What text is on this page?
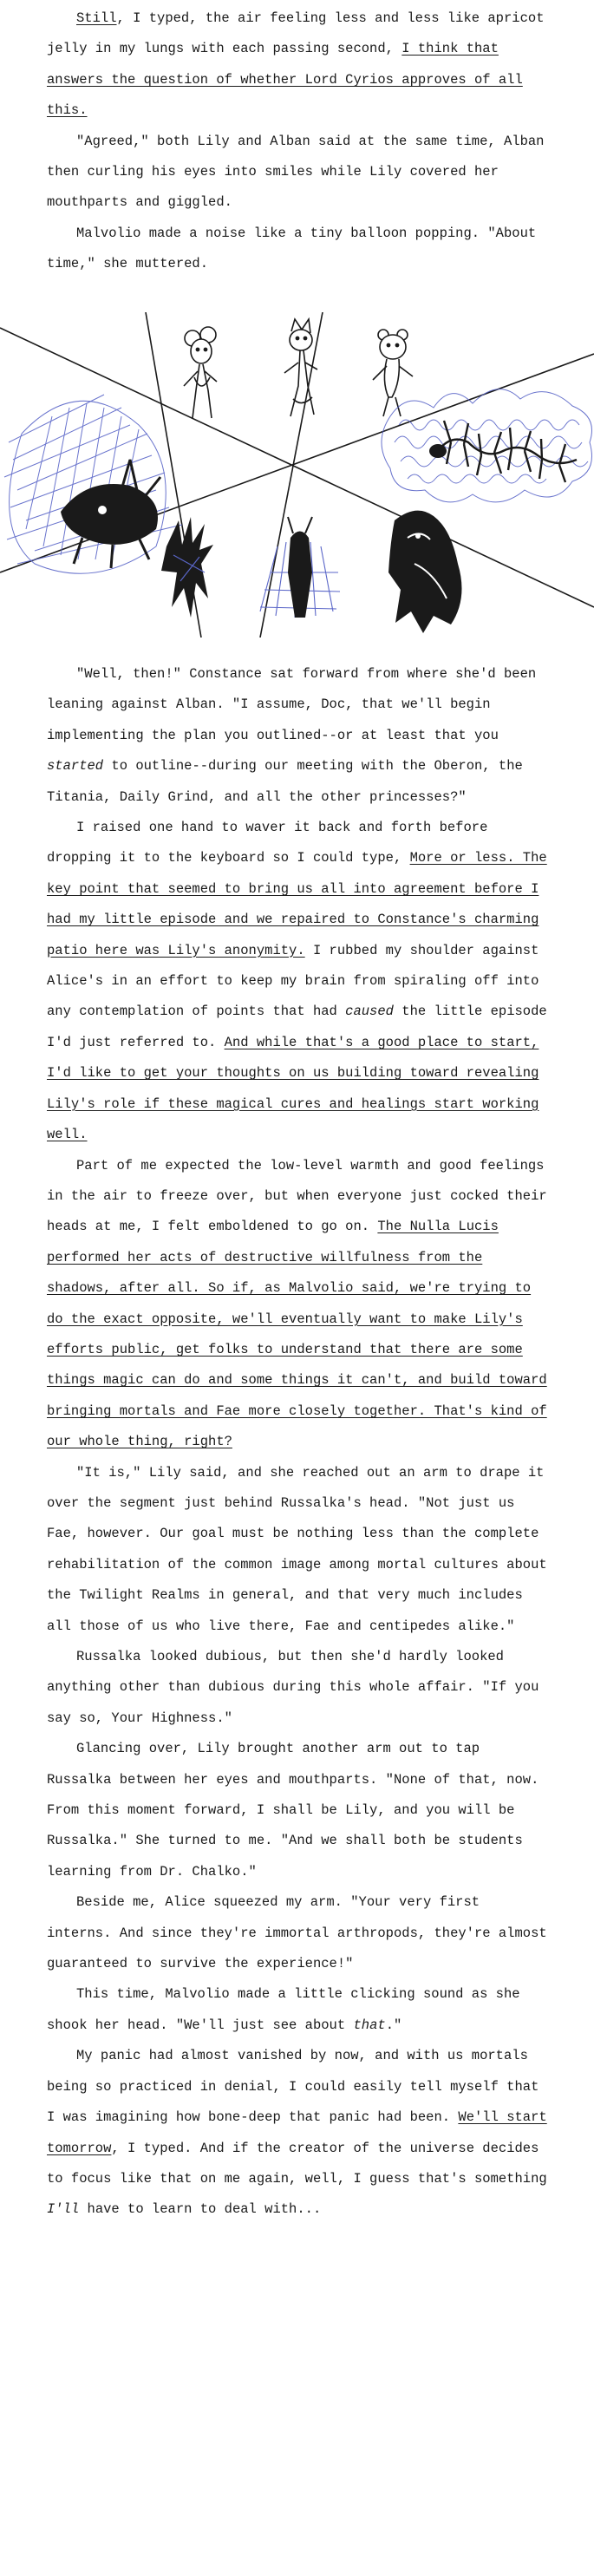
Still, I typed, the air feeling less and less like apricot jelly in my lungs with each passing second, I think that answers the question of whether Lord Cyrios approves of all this.

"Agreed," both Lily and Alban said at the same time, Alban then curling his eyes into smiles while Lily covered her mouthparts and giggled.

Malvolio made a noise like a tiny balloon popping. "About time," she muttered.

"Well, then!" Constance sat forward from where she'd been leaning against Alban. "I assume, Doc, that we'll begin implementing the plan you outlined--or at least that you started to outline--during our meeting with the Oberon, the Titania, Daily Grind, and all the other princesses?"

I raised one hand to waver it back and forth before dropping it to the keyboard so I could type, More or less. The key point that seemed to bring us all into agreement before I had my little episode and we repaired to Constance's charming patio here was Lily's anonymity. I rubbed my shoulder against Alice's in an effort to keep my brain from spiraling off into any contemplation of points that had caused the little episode I'd just referred to. And while that's a good place to start, I'd like to get your thoughts on us building toward revealing Lily's role if these magical cures and healings start working well.

Part of me expected the low-level warmth and good feelings in the air to freeze over, but when everyone just cocked their heads at me, I felt emboldened to go on. The Nulla Lucis performed her acts of destructive willfulness from the shadows, after all. So if, as Malvolio said, we're trying to do the exact opposite, we'll eventually want to make Lily's efforts public, get folks to understand that there are some things magic can do and some things it can't, and build toward bringing mortals and Fae more closely together. That's kind of our whole thing, right?

"It is," Lily said, and she reached out an arm to drape it over the segment just behind Russalka's head. "Not just us Fae, however. Our goal must be nothing less than the complete rehabilitation of the common image among mortal cultures about the Twilight Realms in general, and that very much includes all those of us who live there, Fae and centipedes alike."

Russalka looked dubious, but then she'd hardly looked anything other than dubious during this whole affair. "If you say so, Your Highness."

Glancing over, Lily brought another arm out to tap Russalka between her eyes and mouthparts. "None of that, now. From this moment forward, I shall be Lily, and you will be Russalka." She turned to me. "And we shall both be students learning from Dr. Chalko."

Beside me, Alice squeezed my arm. "Your very first interns. And since they're immortal arthropods, they're almost guaranteed to survive the experience!"

This time, Malvolio made a little clicking sound as she shook her head. "We'll just see about that."

My panic had almost vanished by now, and with us mortals being so practiced in denial, I could easily tell myself that I was imagining how bone-deep that panic had been. We'll start tomorrow, I typed. And if the creator of the universe decides to focus like that on me again, well, I guess that's something I'll have to learn to deal with...
